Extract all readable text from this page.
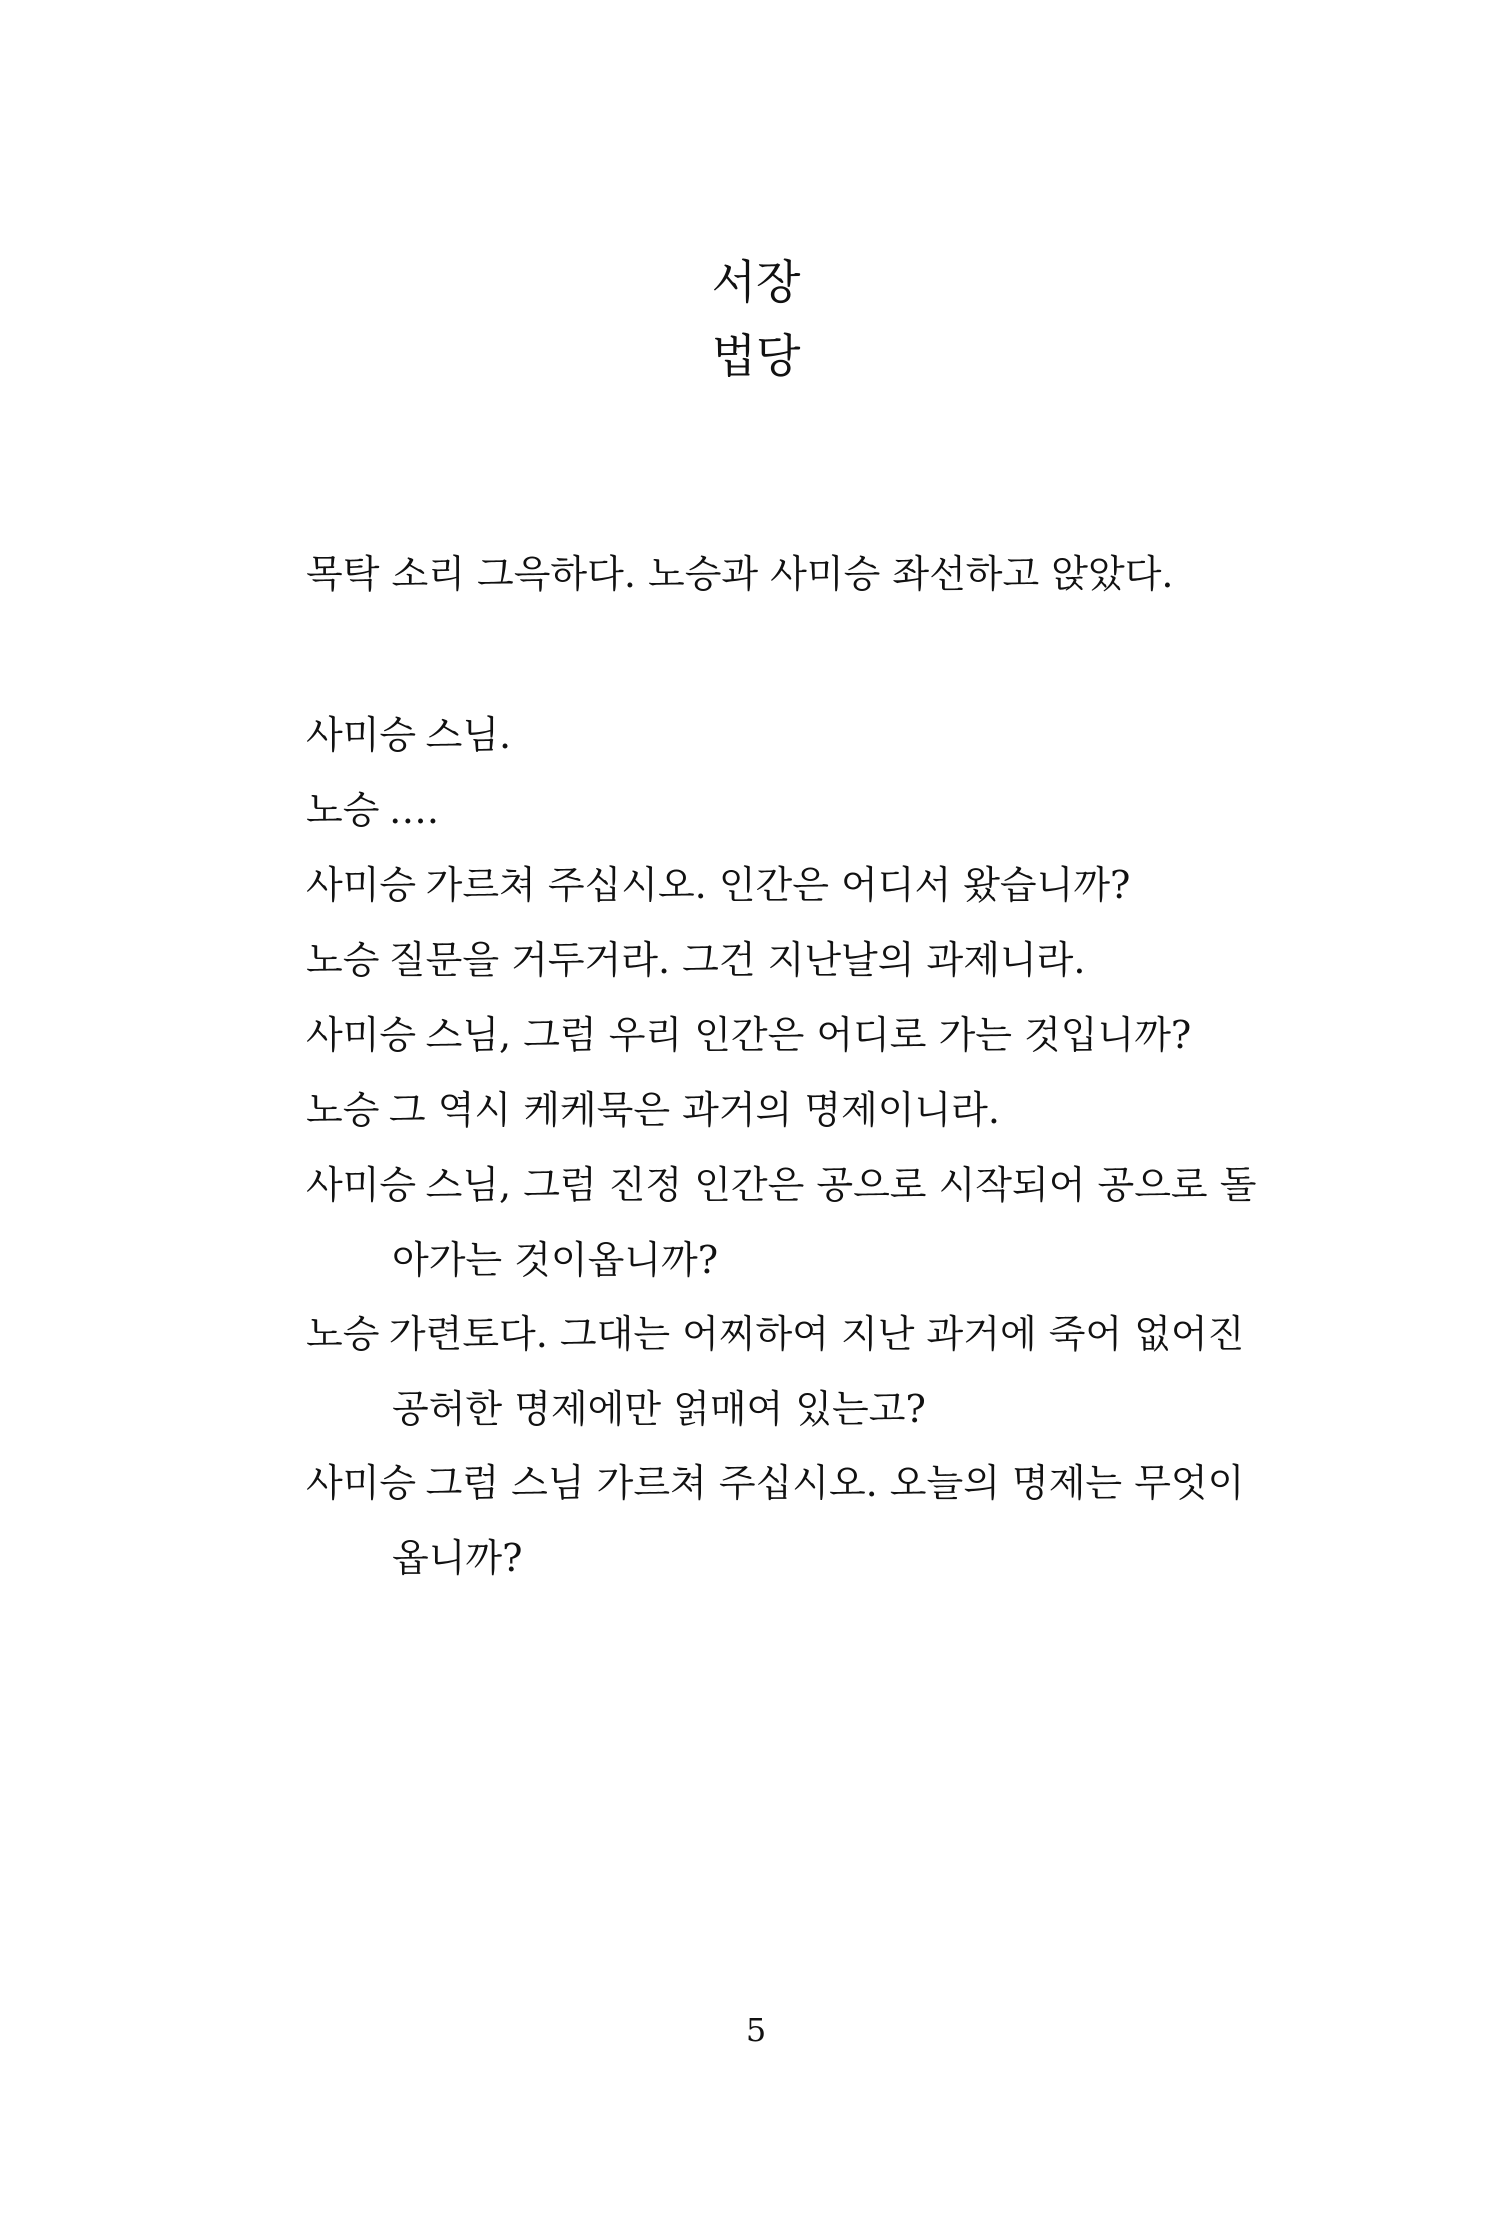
서장
법당
목탁 소리 그윽하다. 노승과 사미승 좌선하고 앉았다.
사미승 스님.
노승 ….
사미승 가르쳐 주십시오. 인간은 어디서 왔습니까?
노승 질문을 거두거라. 그건 지난날의 과제니라.
사미승 스님, 그럼 우리 인간은 어디로 가는 것입니까?
노승 그 역시 케케묵은 과거의 명제이니라.
사미승 스님, 그럼 진정 인간은 공으로 시작되어 공으로 돌
아가는 것이옵니까?
노승 가련토다. 그대는 어찌하여 지난 과거에 죽어 없어진
공허한 명제에만 얽매여 있는고?
사미승 그럼 스님 가르쳐 주십시오. 오늘의 명제는 무엇이
옵니까?
5
